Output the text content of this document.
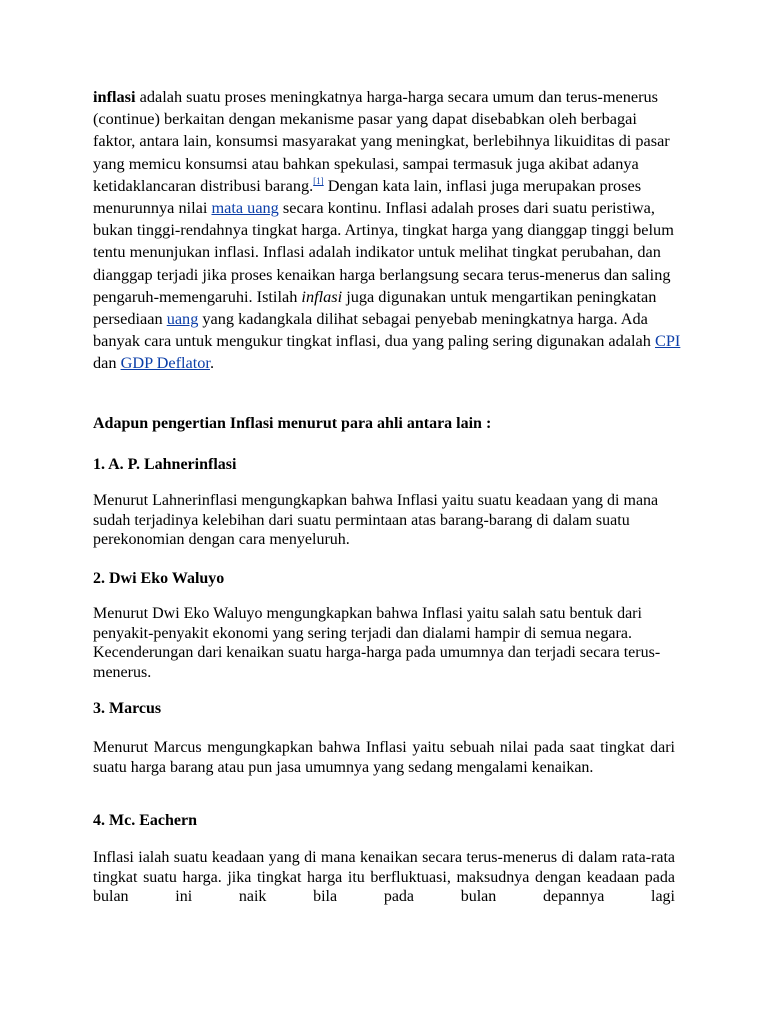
inflasi adalah suatu proses meningkatnya harga-harga secara umum dan terus-menerus (continue) berkaitan dengan mekanisme pasar yang dapat disebabkan oleh berbagai faktor, antara lain, konsumsi masyarakat yang meningkat, berlebihnya likuiditas di pasar yang memicu konsumsi atau bahkan spekulasi, sampai termasuk juga akibat adanya ketidaklancaran distribusi barang.[1] Dengan kata lain, inflasi juga merupakan proses menurunnya nilai mata uang secara kontinu. Inflasi adalah proses dari suatu peristiwa, bukan tinggi-rendahnya tingkat harga. Artinya, tingkat harga yang dianggap tinggi belum tentu menunjukan inflasi. Inflasi adalah indikator untuk melihat tingkat perubahan, dan dianggap terjadi jika proses kenaikan harga berlangsung secara terus-menerus dan saling pengaruh-memengaruhi. Istilah inflasi juga digunakan untuk mengartikan peningkatan persediaan uang yang kadangkala dilihat sebagai penyebab meningkatnya harga. Ada banyak cara untuk mengukur tingkat inflasi, dua yang paling sering digunakan adalah CPI dan GDP Deflator.

Adapun pengertian Inflasi menurut para ahli antara lain :

1. A. P. Lahnerinflasi

Menurut Lahnerinflasi mengungkapkan bahwa Inflasi yaitu suatu keadaan yang di mana sudah terjadinya kelebihan dari suatu permintaan atas barang-barang di dalam suatu perekonomian dengan cara menyeluruh.

2. Dwi Eko Waluyo

Menurut Dwi Eko Waluyo mengungkapkan bahwa Inflasi yaitu salah satu bentuk dari penyakit-penyakit ekonomi yang sering terjadi dan dialami hampir di semua negara. Kecenderungan dari kenaikan suatu harga-harga pada umumnya dan terjadi secara terus-menerus.

3. Marcus

Menurut Marcus mengungkapkan bahwa Inflasi yaitu sebuah nilai pada saat tingkat dari suatu harga barang atau pun jasa umumnya yang sedang mengalami kenaikan.

4. Mc. Eachern

Inflasi ialah suatu keadaan yang di mana kenaikan secara terus-menerus di dalam rata-rata tingkat suatu harga. jika tingkat harga itu berfluktuasi, maksudnya dengan keadaan pada bulan ini naik bila pada bulan depannya lagi
